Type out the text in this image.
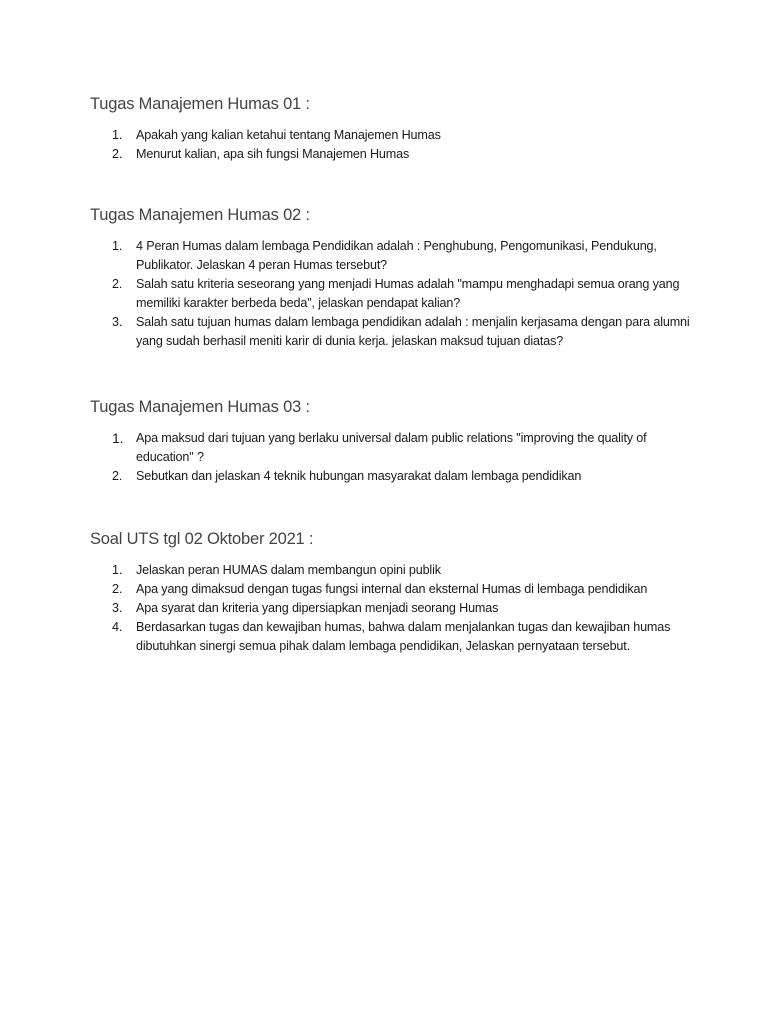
Tugas Manajemen Humas 01 :
1. Apakah yang kalian ketahui tentang Manajemen Humas
2. Menurut kalian, apa sih fungsi Manajemen Humas
Tugas Manajemen Humas 02 :
1. 4 Peran Humas dalam lembaga Pendidikan adalah : Penghubung, Pengomunikasi, Pendukung, Publikator. Jelaskan 4 peran Humas tersebut?
2. Salah satu kriteria seseorang yang menjadi Humas adalah "mampu menghadapi semua orang yang memiliki karakter berbeda beda", jelaskan pendapat kalian?
3. Salah satu tujuan humas dalam lembaga pendidikan adalah : menjalin kerjasama dengan para alumni yang sudah berhasil meniti karir di dunia kerja. jelaskan maksud tujuan diatas?
Tugas Manajemen Humas 03 :
1. Apa maksud dari tujuan yang berlaku universal dalam public relations "improving the quality of education" ?
2. Sebutkan dan jelaskan 4 teknik hubungan masyarakat dalam lembaga pendidikan
Soal UTS tgl 02 Oktober 2021 :
1. Jelaskan peran HUMAS dalam membangun opini publik
2. Apa yang dimaksud dengan tugas fungsi internal dan eksternal Humas di lembaga pendidikan
3. Apa syarat dan kriteria yang dipersiapkan menjadi seorang Humas
4. Berdasarkan tugas dan kewajiban humas, bahwa dalam menjalankan tugas dan kewajiban humas dibutuhkan sinergi semua pihak dalam lembaga pendidikan, Jelaskan pernyataan tersebut.
